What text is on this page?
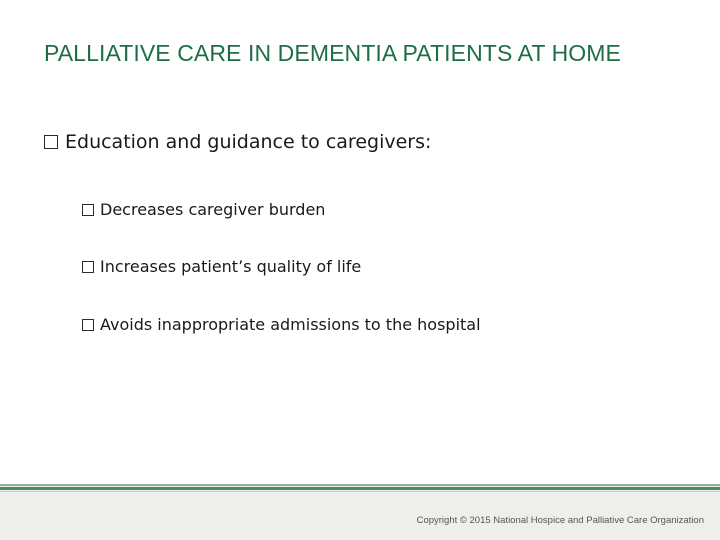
PALLIATIVE CARE IN DEMENTIA PATIENTS AT HOME
Education and guidance to caregivers:
Decreases caregiver burden
Increases patient’s quality of life
Avoids inappropriate admissions to the hospital
Copyright © 2015 National Hospice and Palliative Care Organization
